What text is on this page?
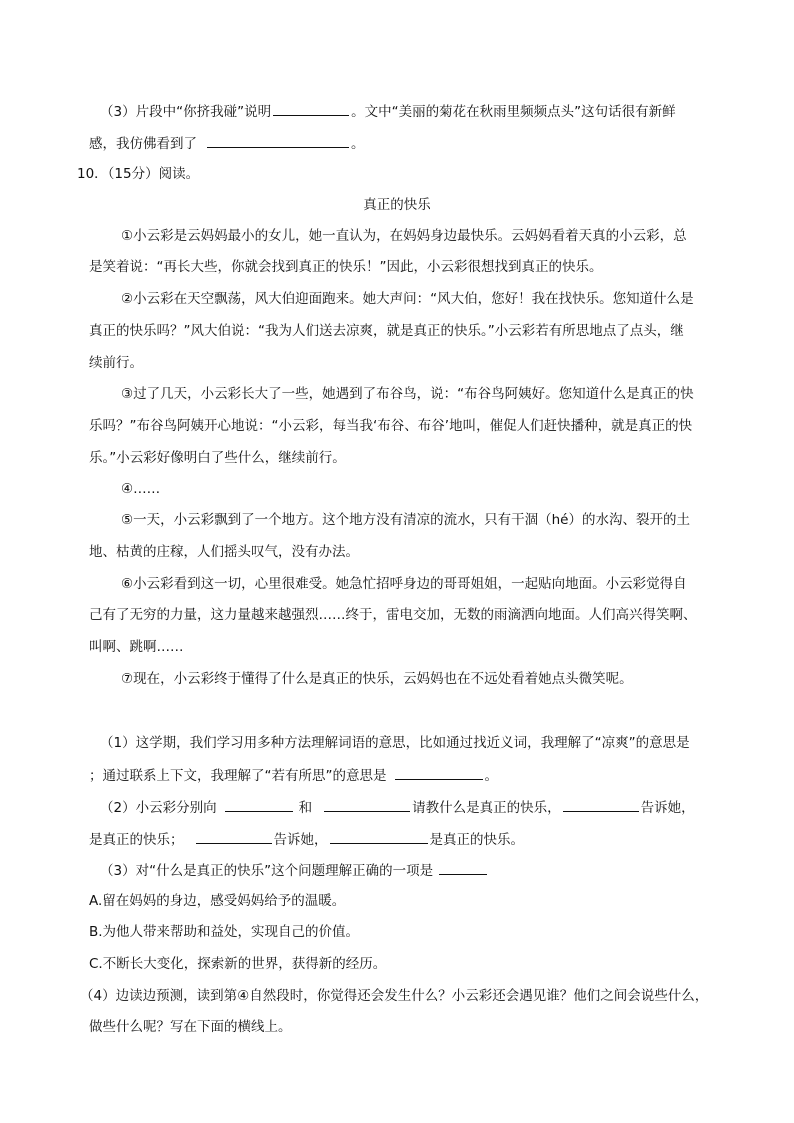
（3）片段中“你挤我碰”说明	。文中“美丽的菊花在秋雨里频频点头”这句话很有新鲜
感，我仿佛看到了	。
10．（15分）阅读。
真正的快乐
①小云彩是云妈妈最小的女儿，她一直认为，在妈妈身边最快乐。云妈妈看着天真的小云彩，总
是笑着说：“再长大些，你就会找到真正的快乐！”因此，小云彩很想找到真正的快乐。
②小云彩在天空飘荡，风大伯迎面跑来。她大声问：“风大伯，您好！我在找快乐。您知道什么是
真正的快乐吗？”风大伯说：“我为人们送去凉爽，就是真正的快乐。”小云彩若有所思地点了点头，继
续前行。
③过了几天，小云彩长大了一些，她遇到了布谷鸟，说：“布谷鸟阿姨好。您知道什么是真正的快
乐吗？”布谷鸟阿姨开心地说：“小云彩，每当我‘布谷、布谷’地叫，催促人们赶快播种，就是真正的快
乐。”小云彩好像明白了些什么，继续前行。
④……
⑤一天，小云彩飘到了一个地方。这个地方没有清凉的流水，只有干涸（hé）的水沟、裂开的土
地、枯黄的庄稼，人们摇头叹气，没有办法。
⑥小云彩看到这一切，心里很难受。她急忙招呼身边的哥哥姐姐，一起贴向地面。小云彩觉得自
己有了无穷的力量，这力量越来越强烈……终于，雷电交加，无数的雨滴洒向地面。人们高兴得笑啊、
叫啊、跳啊……
⑦现在，小云彩终于懂得了什么是真正的快乐，云妈妈也在不远处看着她点头微笑呢。
（1）这学期，我们学习用多种方法理解词语的意思，比如通过找近义词，我理解了“凉爽”的意思是
；通过联系上下文，我理解了“若有所思”的意思是	。
（2）小云彩分别向	和	请教什么是真正的快乐，	告诉她，
是真正的快乐；	告诉她，	是真正的快乐。
（3）对“什么是真正的快乐”这个问题理解正确的一项是
A.留在妈妈的身边，感受妈妈给予的温暖。
B.为他人带来帮助和益处，实现自己的价值。
C.不断长大变化，探索新的世界，获得新的经历。
（4）边读边预测，读到第④自然段时，你觉得还会发生什么？小云彩还会遇见谁？他们之间会说些什么，
做些什么呢？写在下面的横线上。
